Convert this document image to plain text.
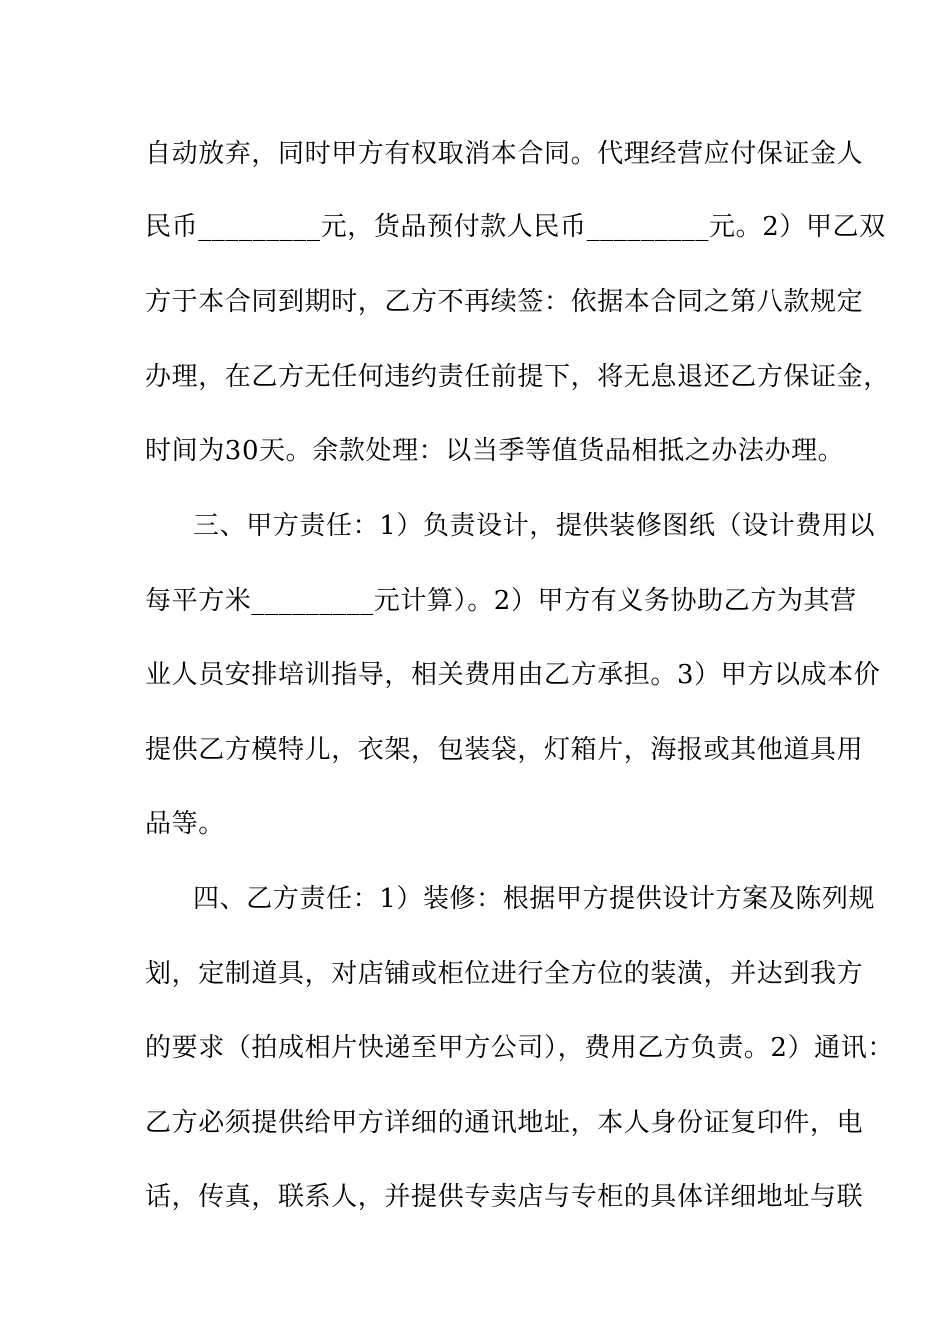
自动放弃，同时甲方有权取消本合同。代理经营应付保证金人
民币_________元，货品预付款人民币_________元。2）甲乙双
方于本合同到期时，乙方不再续签：依据本合同之第八款规定
办理，在乙方无任何违约责任前提下，将无息退还乙方保证金，
时间为30天。余款处理：以当季等值货品相抵之办法办理。
三、甲方责任：1）负责设计，提供装修图纸（设计费用以
每平方米_________元计算）。2）甲方有义务协助乙方为其营
业人员安排培训指导，相关费用由乙方承担。3）甲方以成本价
提供乙方模特儿，衣架，包装袋，灯箱片，海报或其他道具用
品等。
四、乙方责任：1）装修：根据甲方提供设计方案及陈列规
划，定制道具，对店铺或柜位进行全方位的装潢，并达到我方
的要求（拍成相片快递至甲方公司），费用乙方负责。2）通讯：
乙方必须提供给甲方详细的通讯地址，本人身份证复印件，电
话，传真，联系人，并提供专卖店与专柜的具体详细地址与联
